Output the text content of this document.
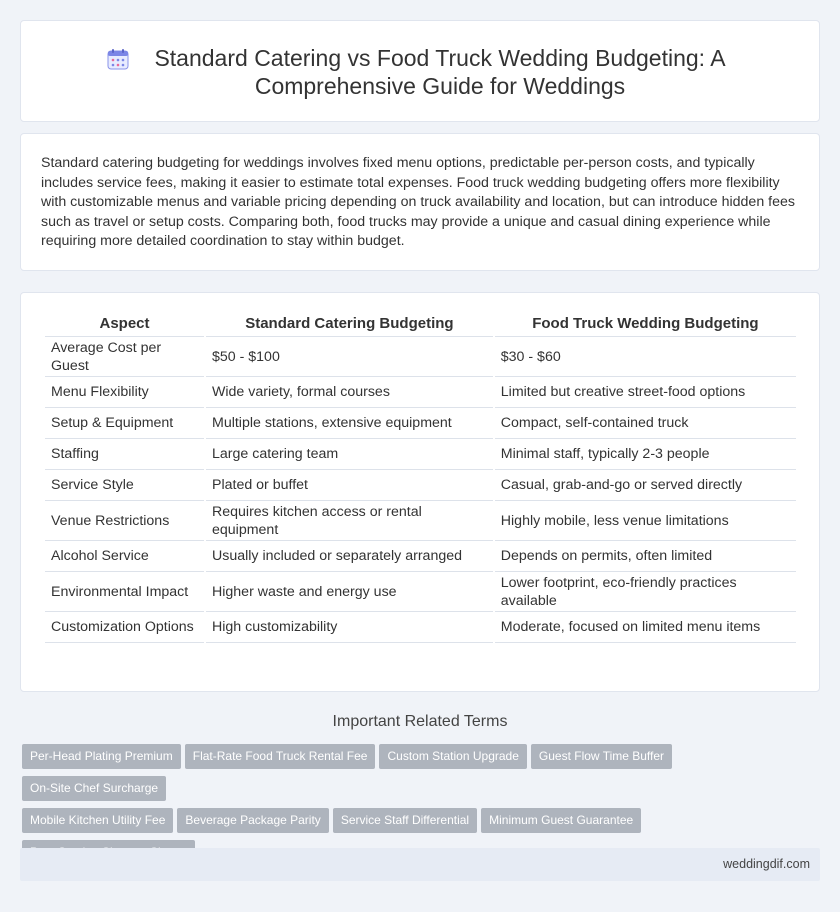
Standard Catering vs Food Truck Wedding Budgeting: A Comprehensive Guide for Weddings

Standard catering budgeting for weddings involves fixed menu options, predictable per-person costs, and typically includes service fees, making it easier to estimate total expenses. Food truck wedding budgeting offers more flexibility with customizable menus and variable pricing depending on truck availability and location, but can introduce hidden fees such as travel or setup costs. Comparing both, food trucks may provide a unique and casual dining experience while requiring more detailed coordination to stay within budget.

Aspect	Standard Catering Budgeting	Food Truck Wedding Budgeting
Average Cost per Guest	$50 - $100	$30 - $60
Menu Flexibility	Wide variety, formal courses	Limited but creative street-food options
Setup & Equipment	Multiple stations, extensive equipment	Compact, self-contained truck
Staffing	Large catering team	Minimal staff, typically 2-3 people
Service Style	Plated or buffet	Casual, grab-and-go or served directly
Venue Restrictions	Requires kitchen access or rental equipment	Highly mobile, less venue limitations
Alcohol Service	Usually included or separately arranged	Depends on permits, often limited
Environmental Impact	Higher waste and energy use	Lower footprint, eco-friendly practices available
Customization Options	High customizability	Moderate, focused on limited menu items
Important Related Terms
Per-Head Plating Premium Flat-Rate Food Truck Rental Fee Custom Station Upgrade Guest Flow Time BufferOn-Site Chef Surcharge
Mobile Kitchen Utility Fee Beverage Package Parity Service Staff Differential Minimum Guest Guarantee

weddingdif.com
